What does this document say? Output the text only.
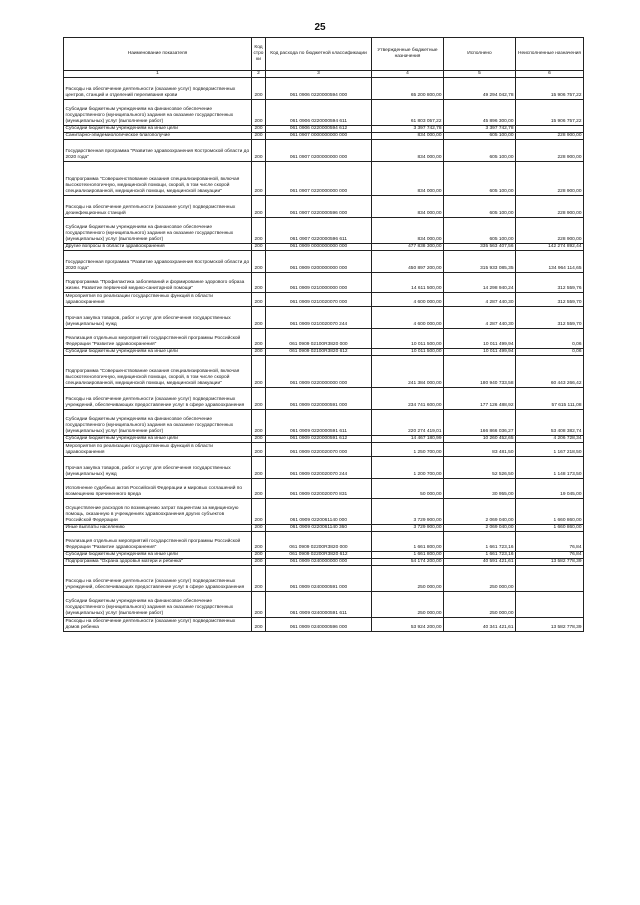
25
Наименование показателя	Код строки	Код расхода по бюджетной классификации	Утвержденные бюджетные назначения	Исполнено	Неисполненные назначения
1	2	3	4	5	6
Расходы на обеспечение деятельности (оказание услуг) подведомственных центров, станций и отделений переливания крови	200	061 0906 0220000594 000	65 200 800,00	49 294 042,78	15 906 757,22
Субсидии бюджетным учреждениям на финансовое обеспечение государственного (муниципального) задания на оказание государственных (муниципальных) услуг (выполнение работ)	200	061 0906 0220000594 611	61 803 057,22	45 896 300,00	15 906 757,22
Субсидии бюджетным учреждениям на иные цели	200	061 0906 0220000594 612	3 397 742,78	3 397 742,78	
Санитарно-эпидемиологическое благополучие	200	061 0907 0000000000 000	834 000,00	605 100,00	228 900,00
Государственная программа "Развитие здравоохранения Костромской области до 2020 года"	200	061 0907 0200000000 000	834 000,00	605 100,00	228 900,00
Подпрограмма "Совершенствование оказания специализированной, включая высокотехнологичную, медицинской помощи, скорой, в том числе скорой специализированной, медицинской помощи, медицинской эвакуации"	200	061 0907 0220000000 000	834 000,00	605 100,00	228 900,00
Расходы на обеспечение деятельности (оказание услуг) подведомственных дезинфекционных станций	200	061 0907 0220000596 000	834 000,00	605 100,00	228 900,00
Субсидии бюджетным учреждениям на финансовое обеспечение государственного (муниципального) задания на оказание государственных (муниципальных) услуг (выполнение работ)	200	061 0907 0220000596 611	834 000,00	605 100,00	228 900,00
Другие вопросы в области здравоохранения	200	061 0909 0000000000 000	477 838 300,00	335 563 407,56	142 274 892,44
Государственная программа "Развитие здравоохранения Костромской области до 2020 года"	200	061 0909 0200000000 000	450 897 200,00	315 933 085,35	134 964 114,65
Подпрограмма "Профилактика заболеваний и формирование здорового образа жизни. Развитие первичной медико-санитарной помощи"	200	061 0909 0210000000 000	14 611 500,00	14 298 940,24	312 559,76
Мероприятия по реализации государственных функций в области здравоохранения	200	061 0909 0210020070 000	4 600 000,00	4 287 440,30	312 559,70
Прочая закупка товаров, работ и услуг для обеспечения государственных (муниципальных) нужд	200	061 0909 0210020070 244	4 600 000,00	4 287 440,30	312 559,70
Реализация отдельных мероприятий государственной программы Российской Федерации "Развитие здравоохранения"	200	061 0909 02100R3820 000	10 011 500,00	10 011 499,94	0,06
Субсидии бюджетным учреждениям на иные цели	200	061 0909 02100R3820 612	10 011 500,00	10 011 499,94	0,06
Подпрограмма "Совершенствование оказания специализированной, включая высокотехнологичную, медицинской помощи, скорой, в том числе скорой специализированной, медицинской помощи, медицинской эвакуации"	200	061 0909 0220000000 000	241 384 000,00	180 940 733,58	60 443 266,42
Расходы на обеспечение деятельности (оказание услуг) подведомственных учреждений, обеспечивающих предоставление услуг в сфере здравоохранения	200	061 0909 0220000591 000	234 741 600,00	177 126 488,92	57 615 111,08
Субсидии бюджетным учреждениям на финансовое обеспечение государственного (муниципального) задания на оказание государственных (муниципальных) услуг (выполнение работ)	200	061 0909 0220000591 611	220 274 419,01	166 866 036,27	53 408 382,74
Субсидии бюджетным учреждениям на иные цели	200	061 0909 0220000591 612	14 467 180,99	10 260 452,65	4 206 728,34
Мероприятия по реализации государственных функций в области здравоохранения	200	061 0909 0220020070 000	1 250 700,00	83 481,50	1 167 218,50
Прочая закупка товаров, работ и услуг для обеспечения государственных (муниципальных) нужд	200	061 0909 0220020070 244	1 200 700,00	52 526,50	1 148 173,50
Исполнение судебных актов Российской Федерации и мировых соглашений по возмещению причиненного вреда	200	061 0909 0220020070 831	50 000,00	30 955,00	19 045,00
Осуществление расходов по возмещению затрат пациентам за медицинскую помощь, оказанную в учреждениях здравоохранения других субъектов Российской Федерации	200	061 0909 0220061140 000	3 729 900,00	2 069 040,00	1 660 860,00
Иные выплаты населению	200	061 0909 0220061140 360	3 729 900,00	2 069 040,00	1 660 860,00
Реализация отдельных мероприятий государственной программы Российской Федерации "Развитие здравоохранения"	200	061 0909 02200R3820 000	1 661 800,00	1 661 723,16	76,84
Субсидии бюджетным учреждениям на иные цели	200	061 0909 02200R3820 612	1 661 800,00	1 661 723,16	76,84
Подпрограмма "Охрана здоровья матери и ребенка"	200	061 0909 0240000000 000	54 174 200,00	40 591 421,61	13 582 778,39
Расходы на обеспечение деятельности (оказание услуг) подведомственных учреждений, обеспечивающих предоставление услуг в сфере здравоохранения	200	061 0909 0240000591 000	250 000,00	250 000,00	
Субсидии бюджетным учреждениям на финансовое обеспечение государственного (муниципального) задания на оказание государственных (муниципальных) услуг (выполнение работ)	200	061 0909 0240000591 611	250 000,00	250 000,00	
Расходы на обеспечение деятельности (оказание услуг) подведомственных домов ребенка	200	061 0909 0240000596 000	53 924 200,00	40 341 421,61	13 582 778,39
